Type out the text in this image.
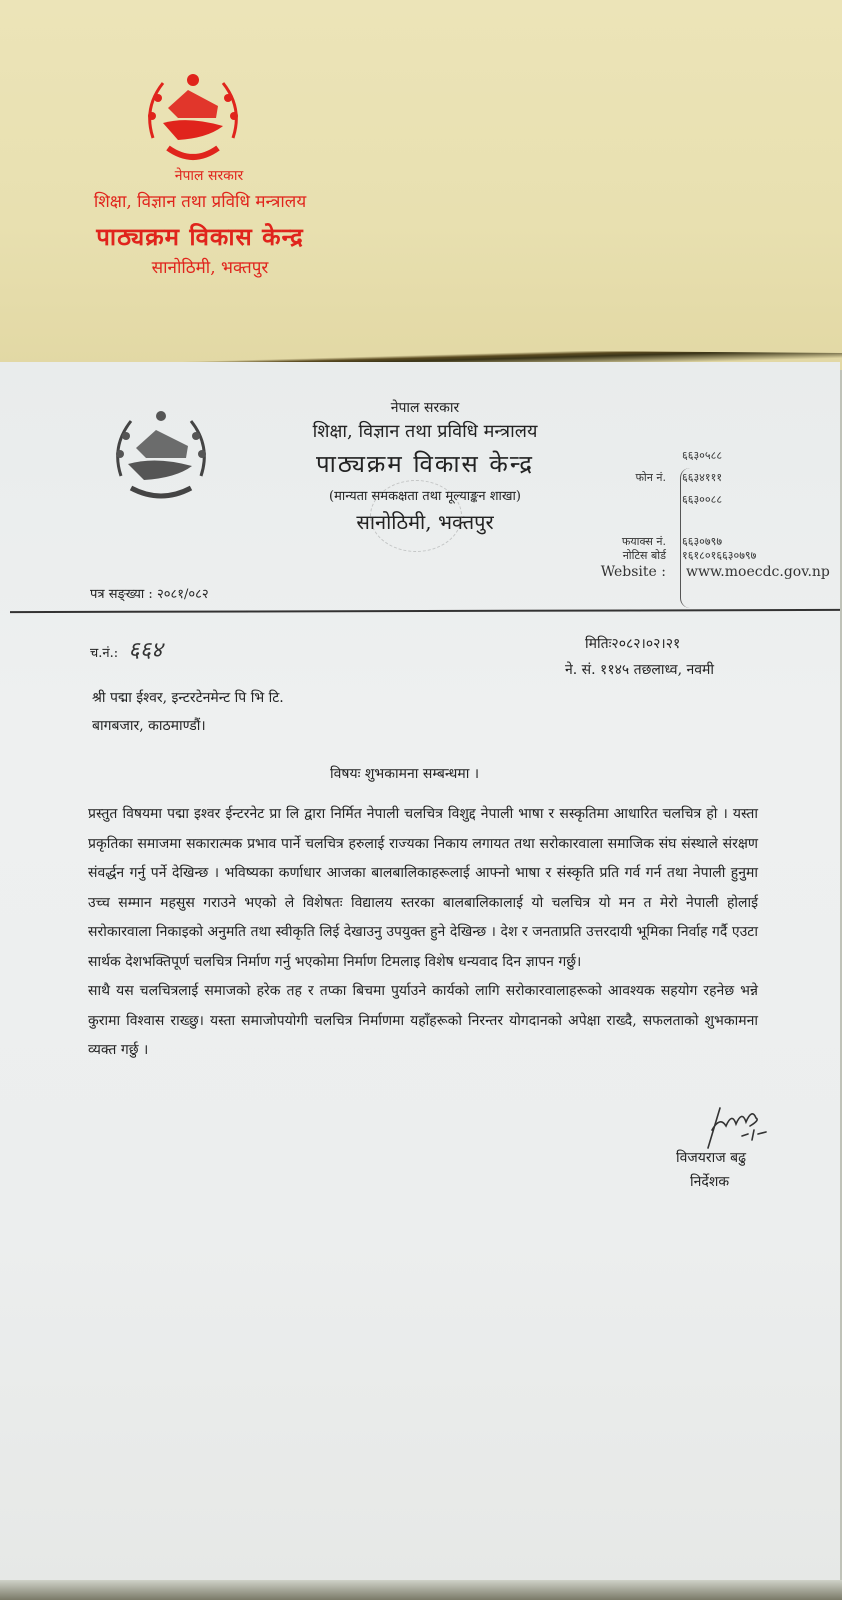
नेपाल सरकार
शिक्षा, विज्ञान तथा प्रविधि मन्त्रालय
पाठ्यक्रम विकास केन्द्र
सानोठिमी, भक्तपुर
नेपाल सरकार
शिक्षा, विज्ञान तथा प्रविधि मन्त्रालय
पाठ्यक्रम विकास केन्द्र
(मान्यता समकक्षता तथा मूल्याङ्कन शाखा)
सानोठिमी, भक्तपुर
६६३०५८८
फोन नं. ६६३४१११
६६३००८८
फयाक्स नं. ६६३०७९७
नोटिस बोर्ड १६१८०१६६३०७९७
Website : www.moecdc.gov.np
पत्र सङ्ख्या : २०८१/०८२
च.नं.: ६६४	मितिः२०८२।०२।२१
ने. सं. ११४५ तछलाध्व, नवमी
श्री पद्मा ईश्वर, इन्टरटेनमेन्ट पि भि टि.
बागबजार, काठमाण्डौं।
विषयः शुभकामना सम्बन्धमा ।

प्रस्तुत विषयमा पद्मा इश्वर ईन्टरनेट प्रा लि द्वारा निर्मित नेपाली चलचित्र विशुद्द नेपाली भाषा र सस्कृतिमा आधारित चलचित्र हो । यस्ता प्रकृतिका समाजमा सकारात्मक प्रभाव पार्ने चलचित्र हरुलाई राज्यका निकाय लगायत तथा सरोकारवाला समाजिक संघ संस्थाले संरक्षण संवर्द्धन गर्नु पर्ने देखिन्छ । भविष्यका कर्णाधार आजका बालबालिकाहरूलाई आफ्नो भाषा र संस्कृति प्रति गर्व गर्न तथा नेपाली हुनुमा उच्च सम्मान महसुस गराउने भएको ले विशेषतः विद्यालय स्तरका बालबालिकालाई यो चलचित्र यो मन त मेरो नेपाली होलाई सरोकारवाला निकाइको अनुमति तथा स्वीकृति लिई देखाउनु उपयुक्त हुने देखिन्छ । देश र जनताप्रति उत्तरदायी भूमिका निर्वाह गर्दै एउटा सार्थक देशभक्तिपूर्ण चलचित्र निर्माण गर्नु भएकोमा निर्माण टिमलाइ विशेष धन्यवाद दिन ज्ञापन गर्छु।

साथै यस चलचित्रलाई समाजको हरेक तह र तप्का बिचमा पुर्याउने कार्यको लागि सरोकारवालाहरूको आवश्यक सहयोग रहनेछ भन्ने कुरामा विश्वास राख्छु। यस्ता समाजोपयोगी चलचित्र निर्माणमा यहाँहरूको निरन्तर योगदानको अपेक्षा राख्दै, सफलताको शुभकामना व्यक्त गर्छु ।

विजयराज बढु
निर्देशक
